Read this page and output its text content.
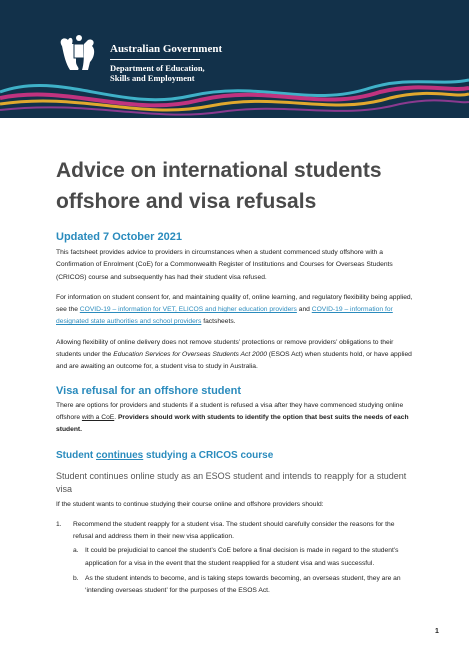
Australian Government
Department of Education,
Skills and Employment
Advice on international students
offshore and visa refusals
Updated 7 October 2021

This factsheet provides advice to providers in circumstances when a student commenced study offshore with a Confirmation of Enrolment (CoE) for a Commonwealth Register of Institutions and Courses for Overseas Students (CRICOS) course and subsequently has had their student visa refused.

For information on student consent for, and maintaining quality of, online learning, and regulatory flexibility being applied, see the COVID-19 – information for VET, ELICOS and higher education providers and COVID-19 – information for designated state authorities and school providers factsheets.

Allowing flexibility of online delivery does not remove students’ protections or remove providers’ obligations to their students under the Education Services for Overseas Students Act 2000 (ESOS Act) when students hold, or have applied and are awaiting an outcome for, a student visa to study in Australia.

Visa refusal for an offshore student

There are options for providers and students if a student is refused a visa after they have commenced studying online offshore with a CoE. Providers should work with students to identify the option that best suits the needs of each student.

Student continues studying a CRICOS course
Student continues online study as an ESOS student and intends to reapply for a student visa

If the student wants to continue studying their course online and offshore providers should:

1. Recommend the student reapply for a student visa. The student should carefully consider the reasons for the refusal and address them in their new visa application.
a. It could be prejudicial to cancel the student’s CoE before a final decision is made in regard to the student’s application for a visa in the event that the student reapplied for a student visa and was successful.
b. As the student intends to become, and is taking steps towards becoming, an overseas student, they are an ‘intending overseas student’ for the purposes of the ESOS Act.
1
